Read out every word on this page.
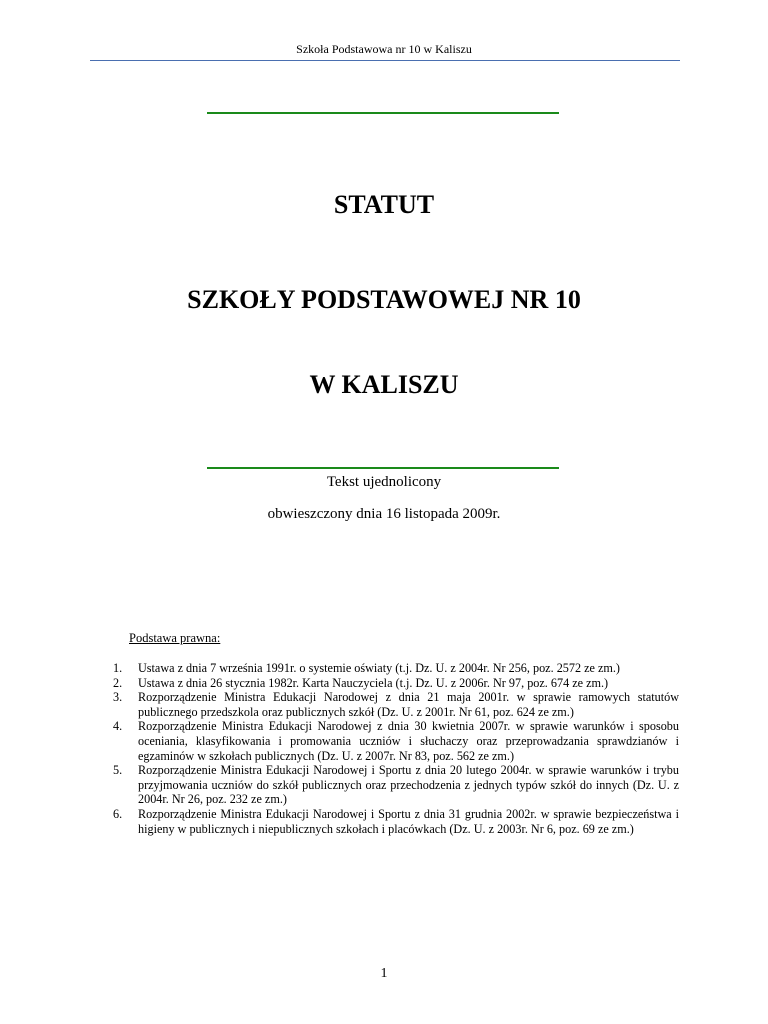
Szkoła Podstawowa nr 10 w Kaliszu
STATUT
SZKOŁY PODSTAWOWEJ NR 10
W KALISZU
Tekst ujednolicony
obwieszczony dnia 16 listopada 2009r.
Podstawa prawna:
1. Ustawa z dnia 7 września 1991r. o systemie oświaty (t.j. Dz. U. z 2004r. Nr 256, poz. 2572 ze zm.)
2. Ustawa z dnia 26 stycznia 1982r. Karta Nauczyciela (t.j. Dz. U. z 2006r. Nr 97, poz. 674 ze zm.)
3. Rozporządzenie Ministra Edukacji Narodowej z dnia 21 maja 2001r. w sprawie ramowych statutów publicznego przedszkola oraz publicznych szkół (Dz. U. z 2001r. Nr 61, poz. 624 ze zm.)
4. Rozporządzenie Ministra Edukacji Narodowej z dnia 30 kwietnia 2007r. w sprawie warunków i sposobu oceniania, klasyfikowania i promowania uczniów i słuchaczy oraz przeprowadzania sprawdzianów i egzaminów w szkołach publicznych (Dz. U. z 2007r. Nr 83, poz. 562 ze zm.)
5. Rozporządzenie Ministra Edukacji Narodowej i Sportu z dnia 20 lutego 2004r. w sprawie warunków i trybu przyjmowania uczniów do szkół publicznych oraz przechodzenia z jednych typów szkół do innych (Dz. U. z 2004r. Nr 26, poz. 232 ze zm.)
6. Rozporządzenie Ministra Edukacji Narodowej i Sportu z dnia 31 grudnia 2002r. w sprawie bezpieczeństwa i higieny w publicznych i niepublicznych szkołach i placówkach (Dz. U. z 2003r. Nr 6, poz. 69 ze zm.)
1
